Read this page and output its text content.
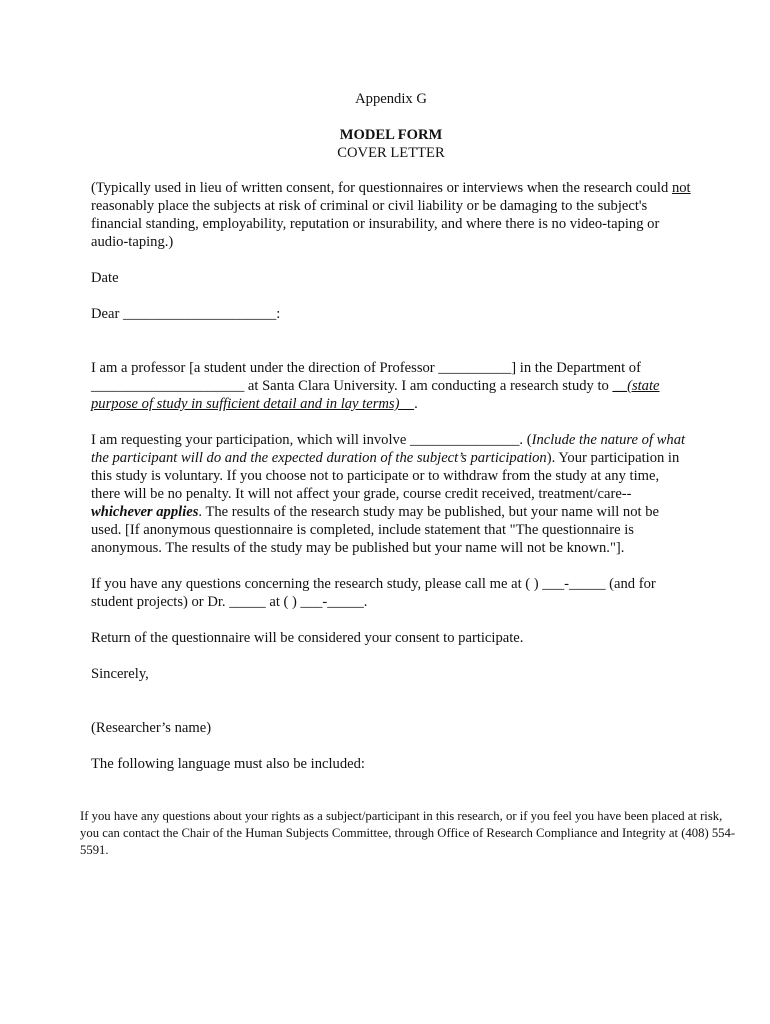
Appendix G

MODEL FORM

COVER LETTER

(Typically used in lieu of written consent, for questionnaires or interviews when the research could not reasonably place the subjects at risk of criminal or civil liability or be damaging to the subject's financial standing, employability, reputation or insurability, and where there is no video-taping or audio-taping.)

Date

Dear _____________________:

I am a professor [a student under the direction of Professor __________] in the Department of _____________________ at Santa Clara University. I am conducting a research study to __(state purpose of study in sufficient detail and in lay terms) .

I am requesting your participation, which will involve _______________. (Include the nature of what the participant will do and the expected duration of the subject’s participation). Your participation in this study is voluntary. If you choose not to participate or to withdraw from the study at any time, there will be no penalty. It will not affect your grade, course credit received, treatment/care--whichever applies. The results of the research study may be published, but your name will not be used. [If anonymous questionnaire is completed, include statement that "The questionnaire is anonymous. The results of the study may be published but your name will not be known."].

If you have any questions concerning the research study, please call me at ( ) ___-_____ (and for student projects) or Dr. _____ at ( ) ___-_____.

Return of the questionnaire will be considered your consent to participate.

Sincerely,

(Researcher’s name)

The following language must also be included:

If you have any questions about your rights as a subject/participant in this research, or if you feel you have been placed at risk, you can contact the Chair of the Human Subjects Committee, through Office of Research Compliance and Integrity at (408) 554-5591.
